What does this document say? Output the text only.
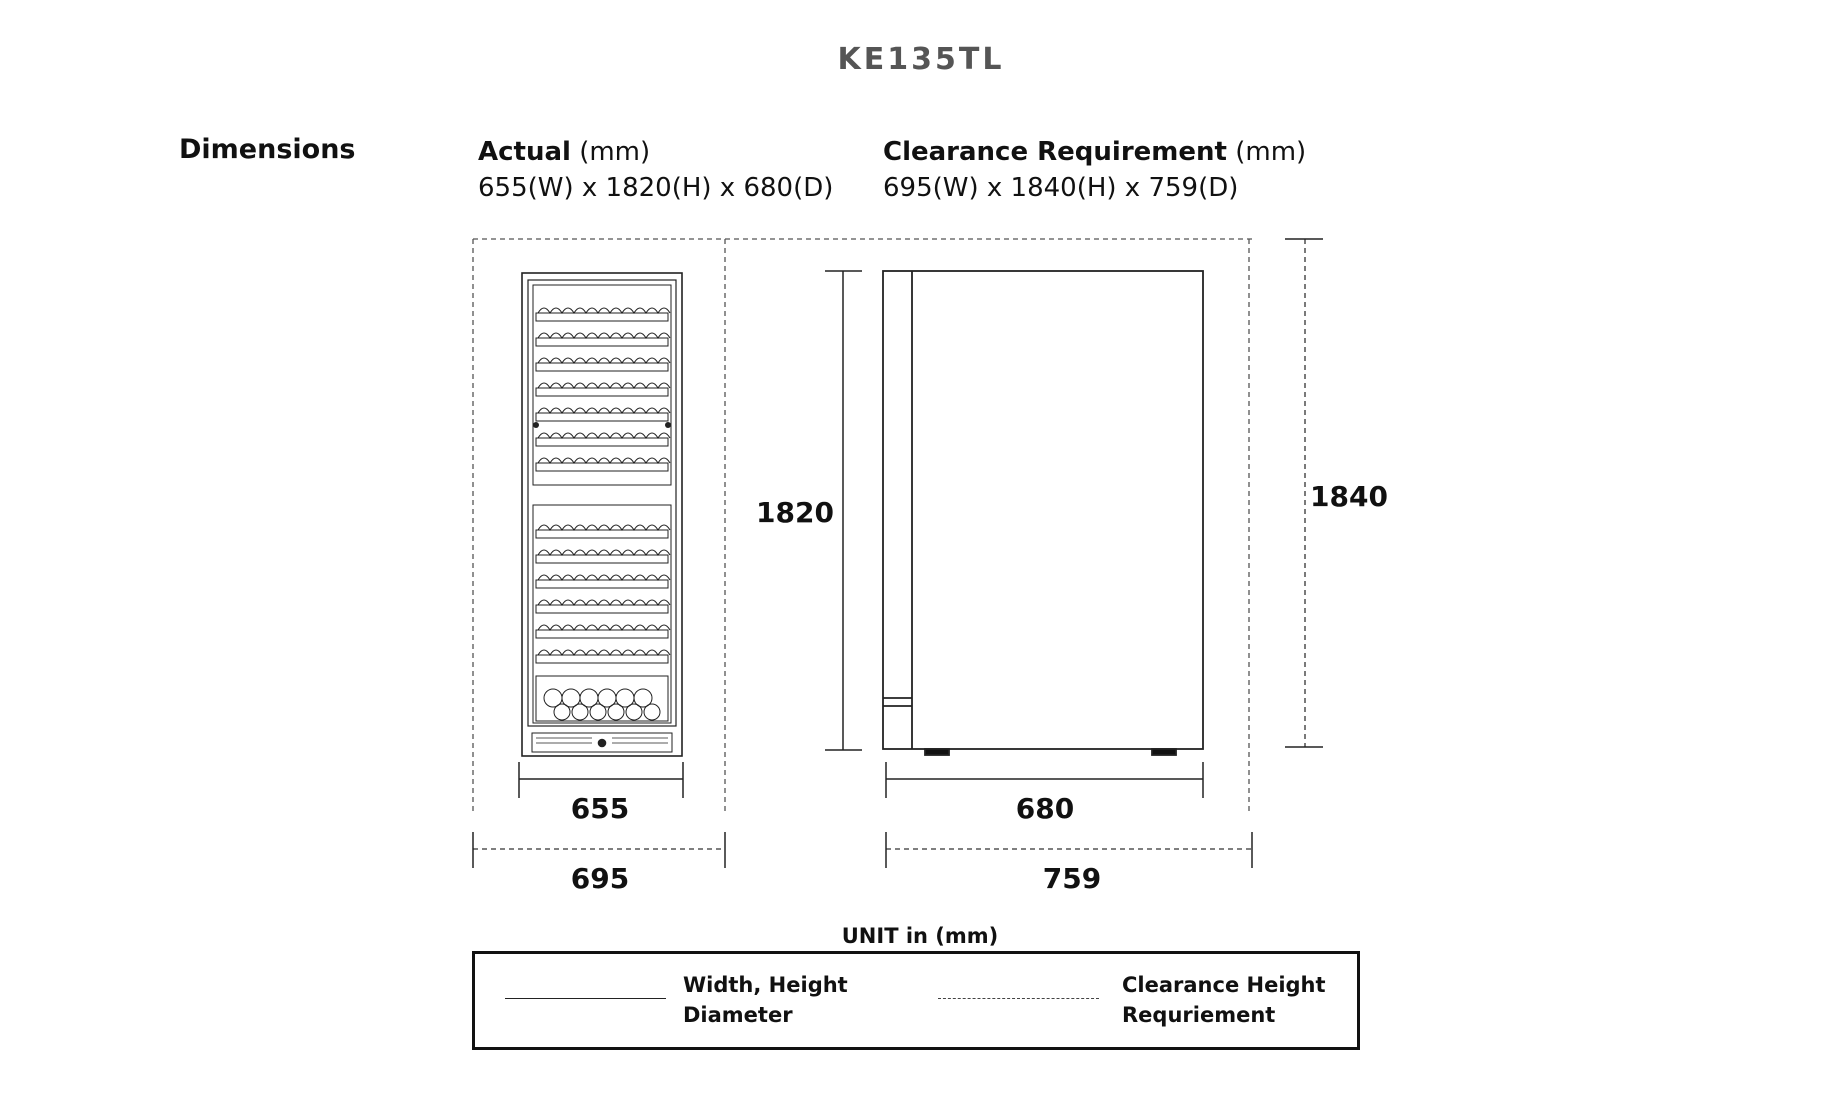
KE135TL
Dimensions	Actual (mm)
655(W) x 1820(H) x 680(D)
Clearance Requirement (mm)
695(W) x 1840(H) x 759(D)
1820	1840
655
695
680
759
UNIT in (mm)
Width, Height
Diameter
Clearance Height
Requriement
